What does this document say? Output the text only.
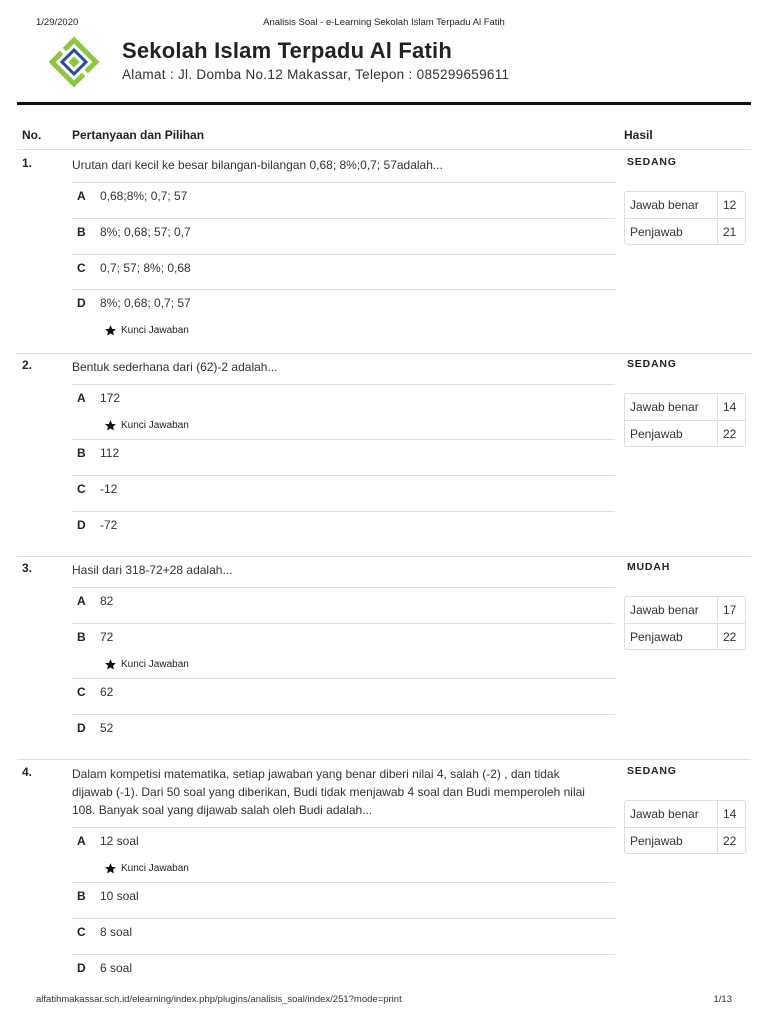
1/29/2020	Analisis Soal - e-Learning Sekolah Islam Terpadu Al Fatih
Sekolah Islam Terpadu Al Fatih
Alamat : Jl. Domba No.12 Makassar, Telepon : 085299659611
No.	Pertanyaan dan Pilihan	Hasil
1.	Urutan dari kecil ke besar bilangan-bilangan 0,68; 8%;0,7; 57adalah...	SEDANG
Jawab benar	12
Penjawab	21
A 0,68;8%; 0,7; 57
B 8%; 0,68; 57; 0,7
C 0,7; 57; 8%; 0,68
D 8%; 0,68; 0,7; 57
Kunci Jawaban
2.	Bentuk sederhana dari (62)-2 adalah...	SEDANG
Jawab benar	14
Penjawab	22
A 172
Kunci Jawaban
B 112
C -12
D -72
3.	Hasil dari 318-72+28 adalah...	MUDAH
Jawab benar	17
Penjawab	22
A 82
B 72
Kunci Jawaban
C 62
D 52
4.	Dalam kompetisi matematika, setiap jawaban yang benar diberi nilai 4, salah (-2) , dan tidak
dijawab (-1). Dari 50 soal yang diberikan, Budi tidak menjawab 4 soal dan Budi memperoleh nilai
108. Banyak soal yang dijawab salah oleh Budi adalah...
SEDANG
Jawab benar	14
Penjawab	22
A 12 soal
Kunci Jawaban
B 10 soal
C 8 soal
D 6 soal
alfatihmakassar.sch.id/elearning/index.php/plugins/analisis_soal/index/251?mode=print	1/13
